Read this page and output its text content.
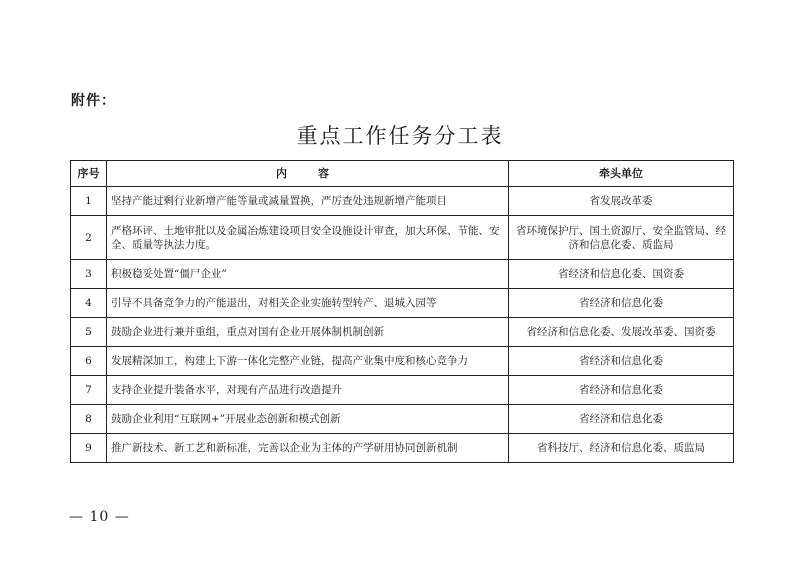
附件：
重点工作任务分工表
序号	内　容	牵头单位
1	坚持产能过剩行业新增产能等量或减量置换，严厉查处违规新增产能项目	省发展改革委
2	严格环评、土地审批以及金属冶炼建设项目安全设施设计审查，加大环保、节能、安全、质量等执法力度。	省环境保护厅、国土资源厅、安全监管局、经济和信息化委、质监局
3	积极稳妥处置“僵尸企业”	省经济和信息化委、国资委
4	引导不具备竞争力的产能退出，对相关企业实施转型转产、退城入园等	省经济和信息化委
5	鼓励企业进行兼并重组，重点对国有企业开展体制机制创新	省经济和信息化委、发展改革委、国资委
6	发展精深加工，构建上下游一体化完整产业链，提高产业集中度和核心竞争力	省经济和信息化委
7	支持企业提升装备水平，对现有产品进行改造提升	省经济和信息化委
8	鼓励企业利用“互联网+”开展业态创新和模式创新	省经济和信息化委
9	推广新技术、新工艺和新标准，完善以企业为主体的产学研用协同创新机制	省科技厅、经济和信息化委、质监局
— 10 —
